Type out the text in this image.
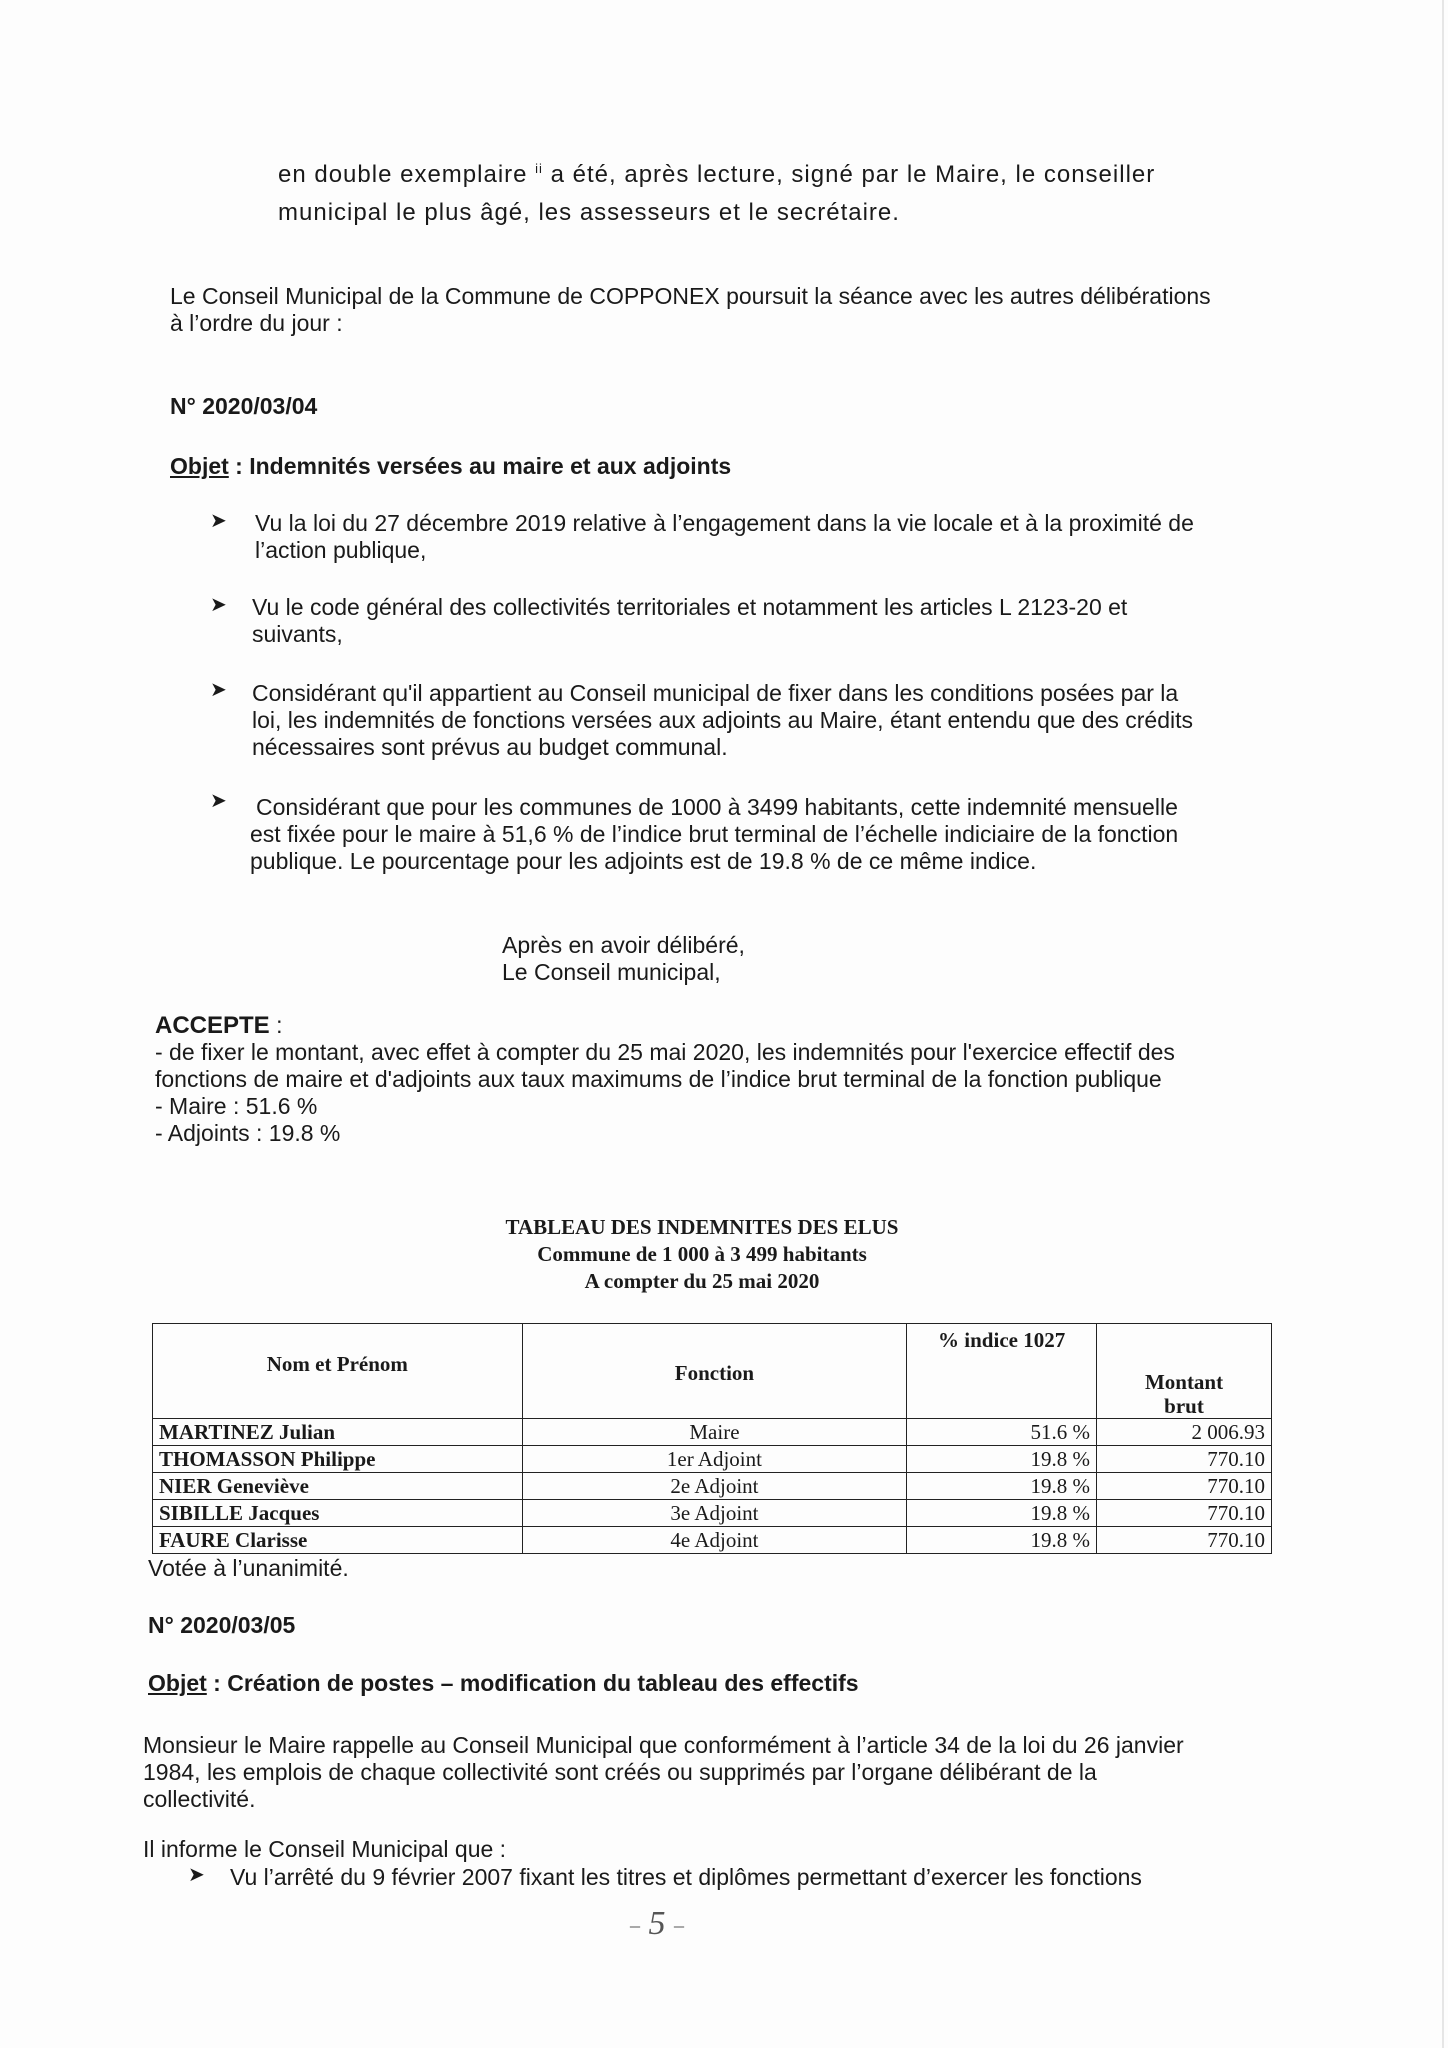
en double exemplaire $^{ii}$ a été, après lecture, signé par le Maire, le conseiller
municipal le plus âgé, les assesseurs et le secrétaire.
Le Conseil Municipal de la Commune de COPPONEX poursuit la séance avec les autres délibérations
à l’ordre du jour :
N° 2020/03/04
Objet : Indemnités versées au maire et aux adjoints
➤ Vu la loi du 27 décembre 2019 relative à l’engagement dans la vie locale et à la proximité de
l’action publique,
➤ Vu le code général des collectivités territoriales et notamment les articles L 2123-20 et
suivants,
➤ Considérant qu'il appartient au Conseil municipal de fixer dans les conditions posées par la
loi, les indemnités de fonctions versées aux adjoints au Maire, étant entendu que des crédits
nécessaires sont prévus au budget communal.
➤ Considérant que pour les communes de 1000 à 3499 habitants, cette indemnité mensuelle
est fixée pour le maire à 51,6 % de l’indice brut terminal de l’échelle indiciaire de la fonction
publique. Le pourcentage pour les adjoints est de 19.8 % de ce même indice.
Après en avoir délibéré,
Le Conseil municipal,
ACCEPTE :
- de fixer le montant, avec effet à compter du 25 mai 2020, les indemnités pour l'exercice effectif des
fonctions de maire et d'adjoints aux taux maximums de l’indice brut terminal de la fonction publique
- Maire : 51.6 %
- Adjoints : 19.8 %
TABLEAU DES INDEMNITES DES ELUS
Commune de 1 000 à 3 499 habitants
A compter du 25 mai 2020
Nom et Prénom	Fonction	% indice 1027	Montant brut
MARTINEZ Julian	Maire	51.6 %	2 006.93
THOMASSON Philippe	1er Adjoint	19.8 %	770.10
NIER Geneviève	2e Adjoint	19.8 %	770.10
SIBILLE Jacques	3e Adjoint	19.8 %	770.10
FAURE Clarisse	4e Adjoint	19.8 %	770.10
Votée à l’unanimité.
N° 2020/03/05
Objet : Création de postes – modification du tableau des effectifs
Monsieur le Maire rappelle au Conseil Municipal que conformément à l’article 34 de la loi du 26 janvier
1984, les emplois de chaque collectivité sont créés ou supprimés par l’organe délibérant de la
collectivité.
Il informe le Conseil Municipal que :
➤ Vu l’arrêté du 9 février 2007 fixant les titres et diplômes permettant d’exercer les fonctions
– 5 –
